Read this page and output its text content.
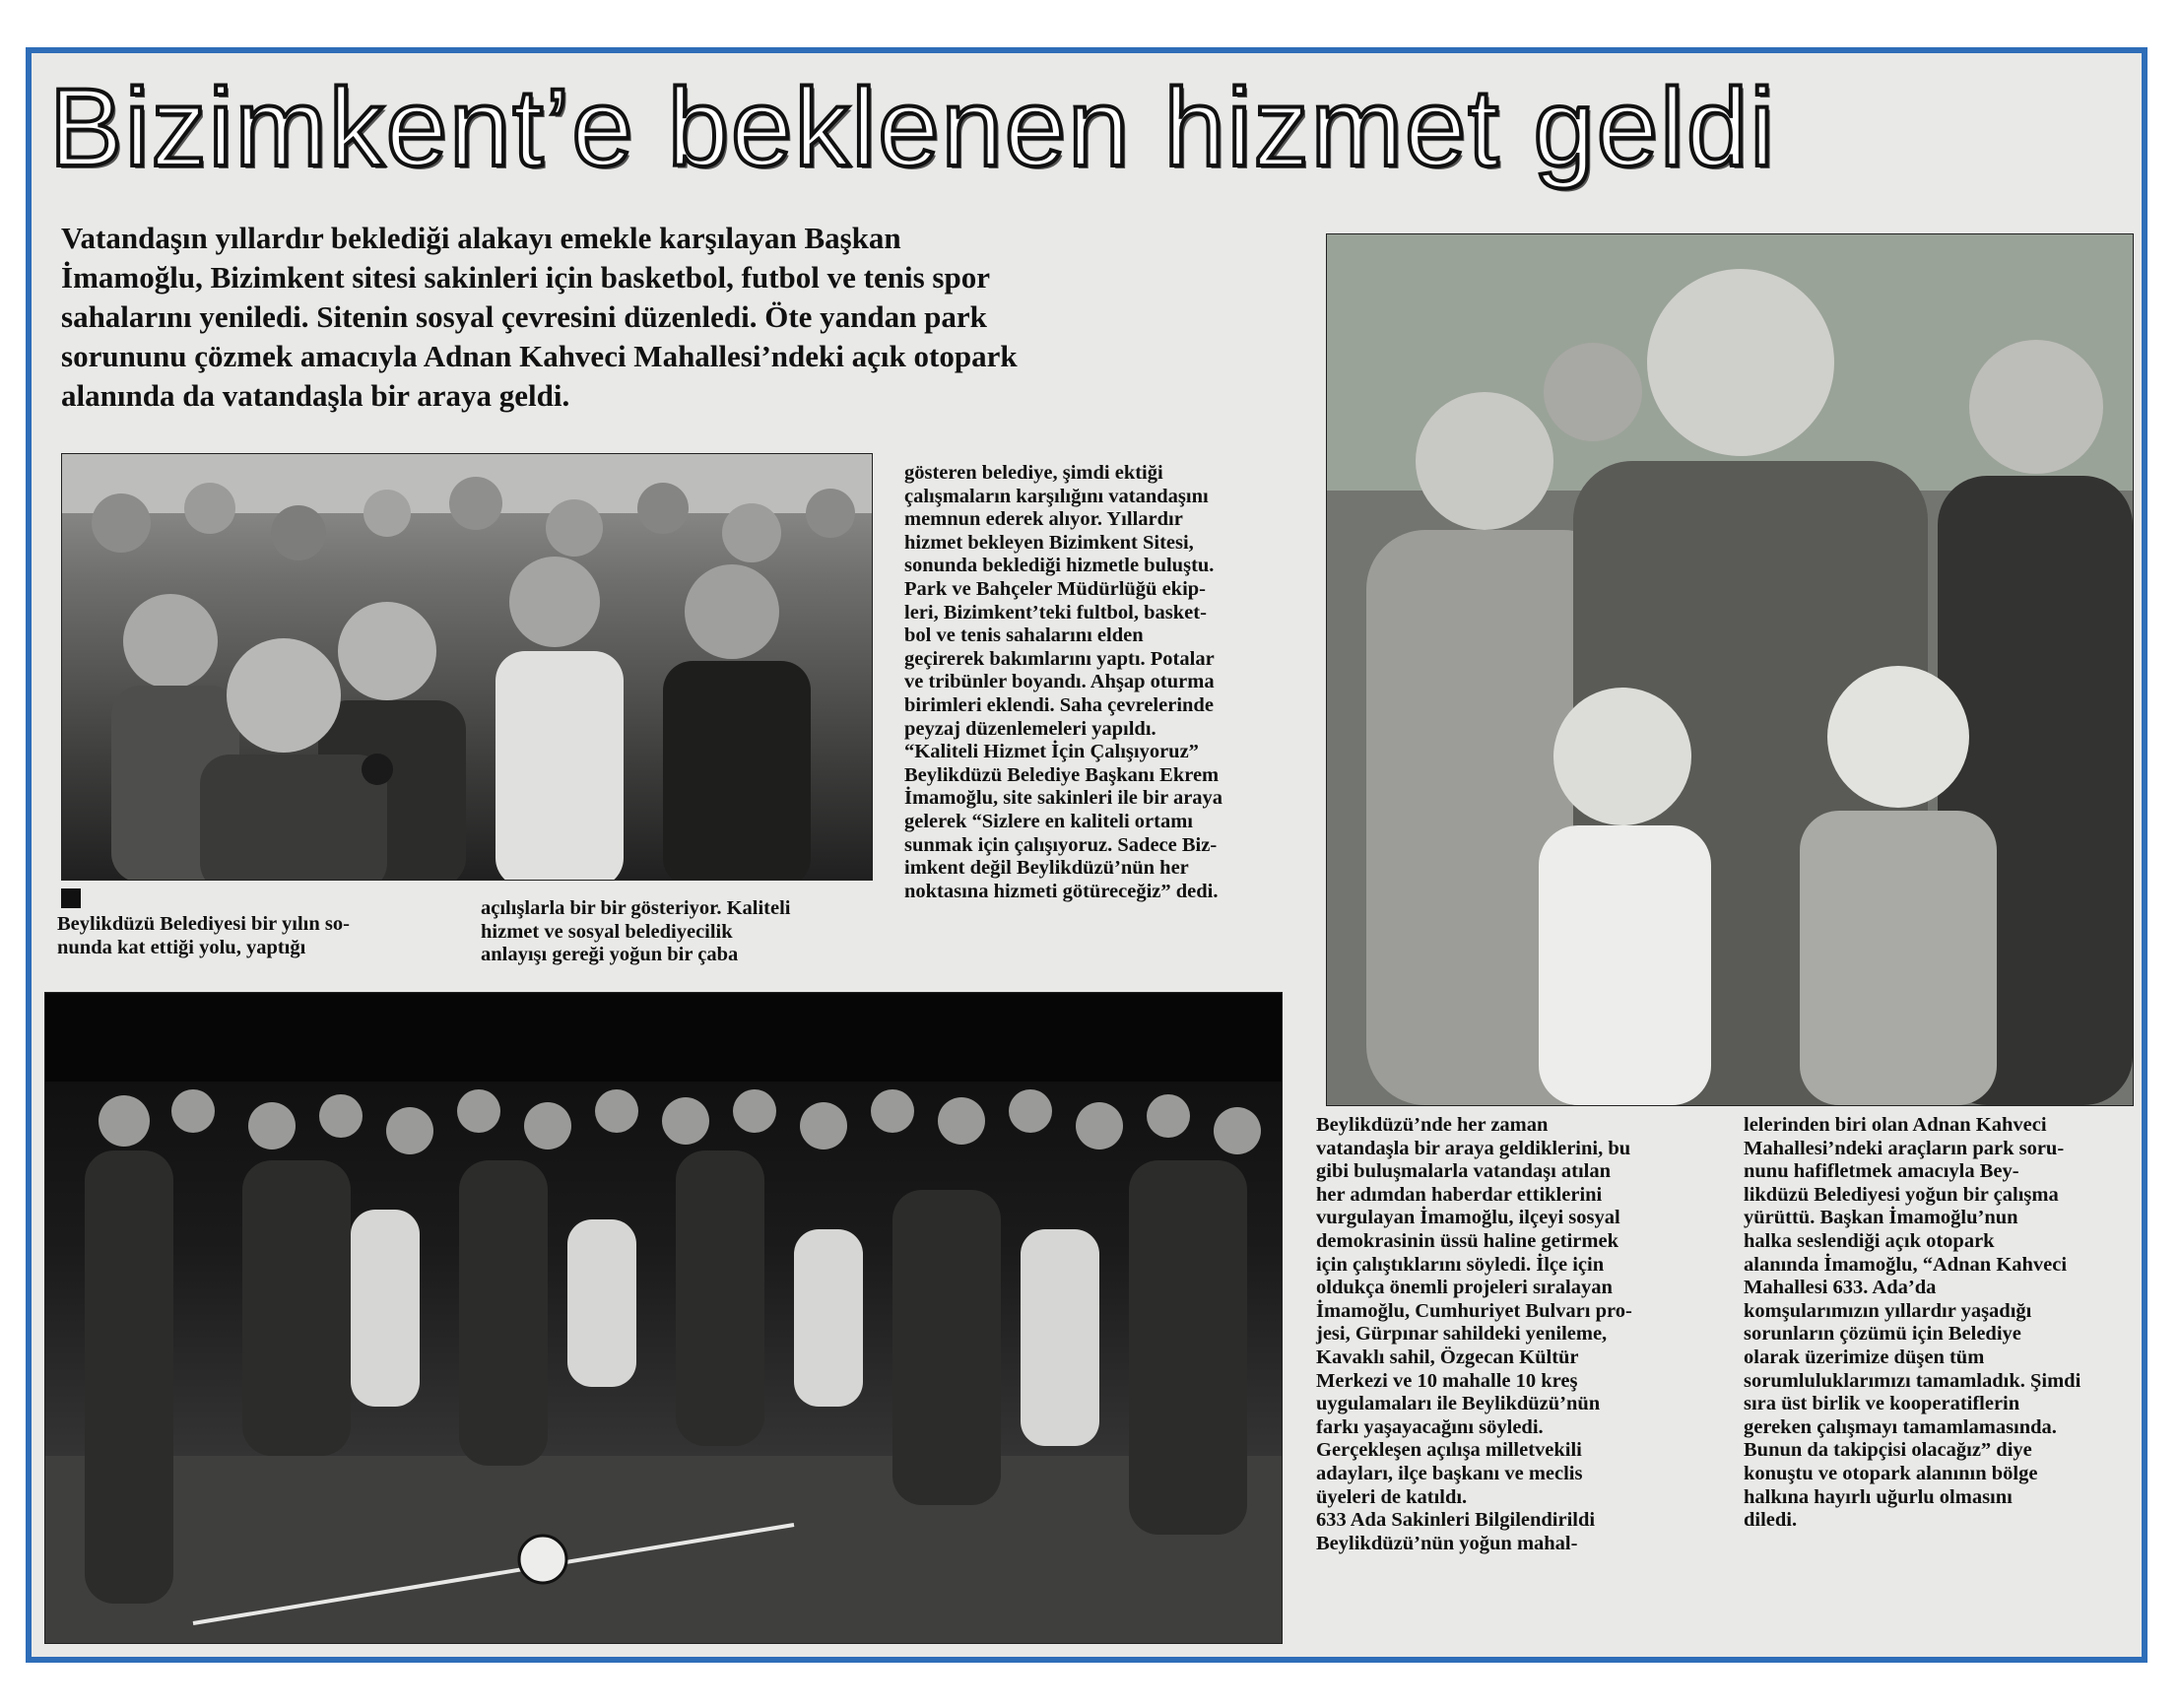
Bizimkent’e beklenen hizmet geldi

Vatandaşın yıllardır beklediği alakayı emekle karşılayan Başkan
İmamoğlu, Bizimkent sitesi sakinleri için basketbol, futbol ve tenis spor
sahalarını yeniledi. Sitenin sosyal çevresini düzenledi. Öte yandan park
sorununu çözmek amacıyla Adnan Kahveci Mahallesi’ndeki açık otopark
alanında da vatandaşla bir araya geldi.

gösteren belediye, şimdi ektiği
çalışmaların karşılığını vatandaşını
memnun ederek alıyor. Yıllardır
hizmet bekleyen Bizimkent Sitesi,
sonunda beklediği hizmetle buluştu.
Park ve Bahçeler Müdürlüğü ekip-
leri, Bizimkent’teki fultbol, basket-
bol ve tenis sahalarını elden
geçirerek bakımlarını yaptı. Potalar
ve tribünler boyandı. Ahşap oturma
birimleri eklendi. Saha çevrelerinde
peyzaj düzenlemeleri yapıldı.
“Kaliteli Hizmet İçin Çalışıyoruz”
Beylikdüzü Belediye Başkanı Ekrem
İmamoğlu, site sakinleri ile bir araya
gelerek “Sizlere en kaliteli ortamı
sunmak için çalışıyoruz. Sadece Biz-
imkent değil Beylikdüzü’nün her
noktasına hizmeti götüreceğiz” dedi.

Beylikdüzü Belediyesi bir yılın so-
nunda kat ettiği yolu, yaptığı

açılışlarla bir bir gösteriyor. Kaliteli
hizmet ve sosyal belediyecilik
anlayışı gereği yoğun bir çaba

Beylikdüzü’nde her zaman
vatandaşla bir araya geldiklerini, bu
gibi buluşmalarla vatandaşı atılan
her adımdan haberdar ettiklerini
vurgulayan İmamoğlu, ilçeyi sosyal
demokrasinin üssü haline getirmek
için çalıştıklarını söyledi. İlçe için
oldukça önemli projeleri sıralayan
İmamoğlu, Cumhuriyet Bulvarı pro-
jesi, Gürpınar sahildeki yenileme,
Kavaklı sahil, Özgecan Kültür
Merkezi ve 10 mahalle 10 kreş
uygulamaları ile Beylikdüzü’nün
farkı yaşayacağını söyledi.
Gerçekleşen açılışa milletvekili
adayları, ilçe başkanı ve meclis
üyeleri de katıldı.
633 Ada Sakinleri Bilgilendirildi
Beylikdüzü’nün yoğun mahal-

lelerinden biri olan Adnan Kahveci
Mahallesi’ndeki araçların park soru-
nunu hafifletmek amacıyla Bey-
likdüzü Belediyesi yoğun bir çalışma
yürüttü. Başkan İmamoğlu’nun
halka seslendiği açık otopark
alanında İmamoğlu, “Adnan Kahveci
Mahallesi 633. Ada’da
komşularımızın yıllardır yaşadığı
sorunların çözümü için Belediye
olarak üzerimize düşen tüm
sorumluluklarımızı tamamladık. Şimdi
sıra üst birlik ve kooperatiflerin
gereken çalışmayı tamamlamasında.
Bunun da takipçisi olacağız” diye
konuştu ve otopark alanının bölge
halkına hayırlı uğurlu olmasını
diledi.
